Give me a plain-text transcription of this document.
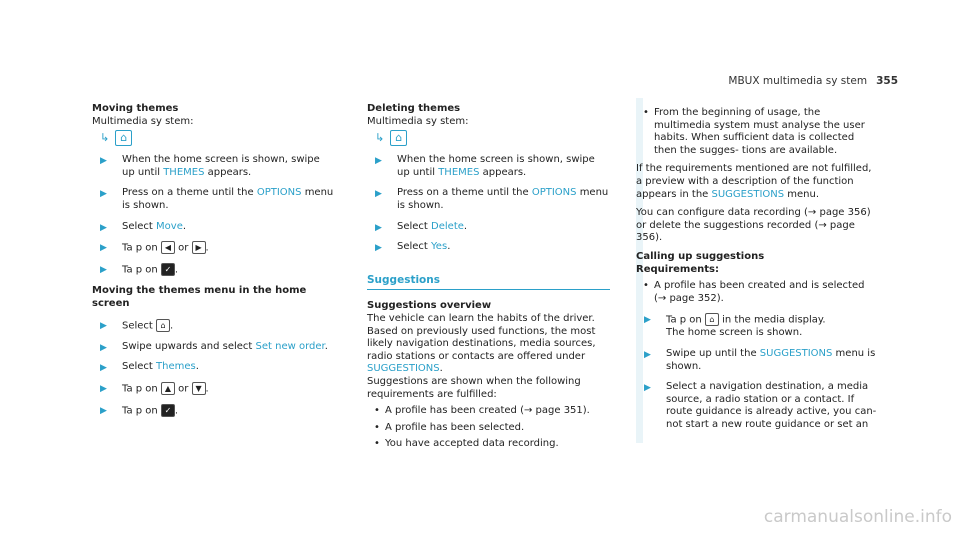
MBUX multimedia sy stem 355
Moving themes
Multimedia sy stem:
↳	⌂
▶ When the home screen is shown, swipe up until THEMES appears.
▶ Press on a theme until the OPTIONS menu is shown.
▶ Select Move.
▶ Ta p on ◀ or ▶ .
▶ Ta p on ✓ .
Moving the themes menu in the home screen
▶ Select ⌂ .
▶ Swipe upwards and select Set new order.
▶ Select Themes.
▶ Ta p on ▲ or ▼ .
▶ Ta p on ✓ .
Deleting themes
Multimedia sy stem:
↳	⌂
▶ When the home screen is shown, swipe up until THEMES appears.
▶ Press on a theme until the OPTIONS menu is shown.
▶ Select Delete.
▶ Select Yes.
Suggestions
Suggestions overview
The vehicle can learn the habits of the driver. Based on previously used functions, the most likely navigation destinations, media sources, radio stations or contacts are offered under SUGGESTIONS.
Suggestions are shown when the following requirements are fulfilled:
• A profile has been created (→ page 351).
• A profile has been selected.
• You have accepted data recording.
• From the beginning of usage, the multimedia system must analyse the user habits. When sufficient data is collected then the sugges- tions are available.
If the requirements mentioned are not fulfilled, a preview with a description of the function appears in the SUGGESTIONS menu.
You can configure data recording (→ page 356) or delete the suggestions recorded (→ page 356).
Calling up suggestions
Requirements:
• A profile has been created and is selected (→ page 352).
▶ Ta p on ⌂ in the media display.
The home screen is shown.
▶ Swipe up until the SUGGESTIONS menu is shown.
▶ Select a navigation destination, a media source, a radio station or a contact. If route guidance is already active, you can- not start a new route guidance or set an
carmanualsonline.info
